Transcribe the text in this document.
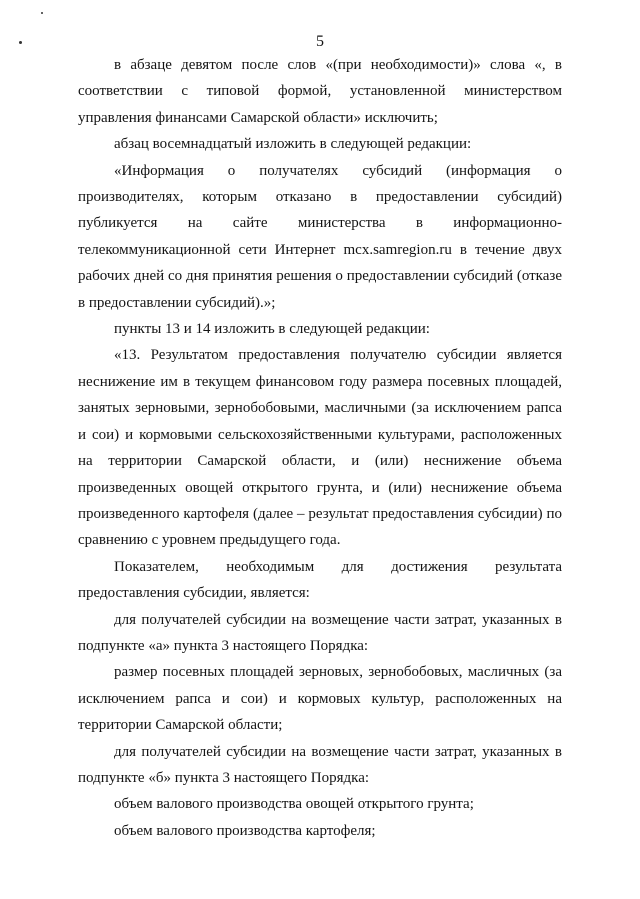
5

в абзаце девятом после слов «(при необходимости)» слова «, в соответствии с типовой формой, установленной министерством управления финансами Самарской области» исключить;

абзац восемнадцатый изложить в следующей редакции:

«Информация о получателях субсидий (информация о производителях, которым отказано в предоставлении субсидий) публикуется на сайте министерства в информационно-телекоммуникационной сети Интернет mcx.samregion.ru в течение двух рабочих дней со дня принятия решения о предоставлении субсидий (отказе в предоставлении субсидий).»;

пункты 13 и 14 изложить в следующей редакции:

«13. Результатом предоставления получателю субсидии является неснижение им в текущем финансовом году размера посевных площадей, занятых зерновыми, зернобобовыми, масличными (за исключением рапса и сои) и кормовыми сельскохозяйственными культурами, расположенных на территории Самарской области, и (или) неснижение объема произведенных овощей открытого грунта, и (или) неснижение объема произведенного картофеля (далее – результат предоставления субсидии) по сравнению с уровнем предыдущего года.

Показателем, необходимым для достижения результата предоставления субсидии, является:

для получателей субсидии на возмещение части затрат, указанных в подпункте «а» пункта 3 настоящего Порядка:

размер посевных площадей зерновых, зернобобовых, масличных (за исключением рапса и сои) и кормовых культур, расположенных на территории Самарской области;

для получателей субсидии на возмещение части затрат, указанных в подпункте «б» пункта 3 настоящего Порядка:

объем валового производства овощей открытого грунта;

объем валового производства картофеля;
